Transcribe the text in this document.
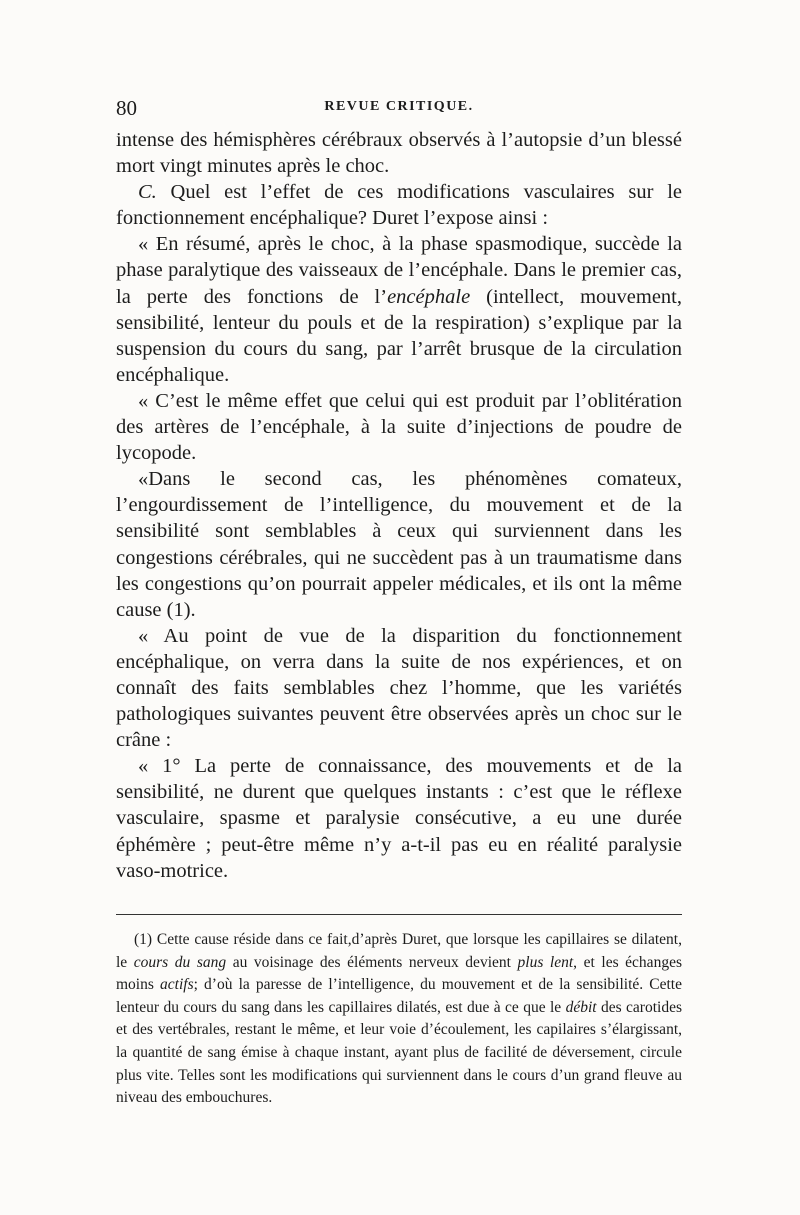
80	REVUE CRITIQUE.

intense des hémisphères cérébraux observés à l’autopsie d’un blessé mort vingt minutes après le choc.

C. Quel est l’effet de ces modifications vasculaires sur le fonctionnement encéphalique? Duret l’expose ainsi :

« En résumé, après le choc, à la phase spasmodique, succède la phase paralytique des vaisseaux de l’encéphale. Dans le premier cas, la perte des fonctions de l’encéphale (intellect, mouvement, sensibilité, lenteur du pouls et de la respiration) s’explique par la suspension du cours du sang, par l’arrêt brusque de la circulation encéphalique.

« C’est le même effet que celui qui est produit par l’oblitération des artères de l’encéphale, à la suite d’injections de poudre de lycopode.

«Dans le second cas, les phénomènes comateux, l’engourdissement de l’intelligence, du mouvement et de la sensibilité sont semblables à ceux qui surviennent dans les congestions cérébrales, qui ne succèdent pas à un traumatisme dans les congestions qu’on pourrait appeler médicales, et ils ont la même cause (1).

« Au point de vue de la disparition du fonctionnement encéphalique, on verra dans la suite de nos expériences, et on connaît des faits semblables chez l’homme, que les variétés pathologiques suivantes peuvent être observées après un choc sur le crâne :

« 1° La perte de connaissance, des mouvements et de la sensibilité, ne durent que quelques instants : c’est que le réflexe vasculaire, spasme et paralysie consécutive, a eu une durée éphémère ; peut-être même n’y a-t-il pas eu en réalité paralysie vaso-motrice.

(1) Cette cause réside dans ce fait,d’après Duret, que lorsque les capillaires se dilatent, le cours du sang au voisinage des éléments nerveux devient plus lent, et les échanges moins actifs; d’où la paresse de l’intelligence, du mouvement et de la sensibilité. Cette lenteur du cours du sang dans les capillaires dilatés, est due à ce que le débit des carotides et des vertébrales, restant le même, et leur voie d’écoulement, les capilaires s’élargissant, la quantité de sang émise à chaque instant, ayant plus de facilité de déversement, circule plus vite. Telles sont les modifications qui surviennent dans le cours d’un grand fleuve au niveau des embouchures.
